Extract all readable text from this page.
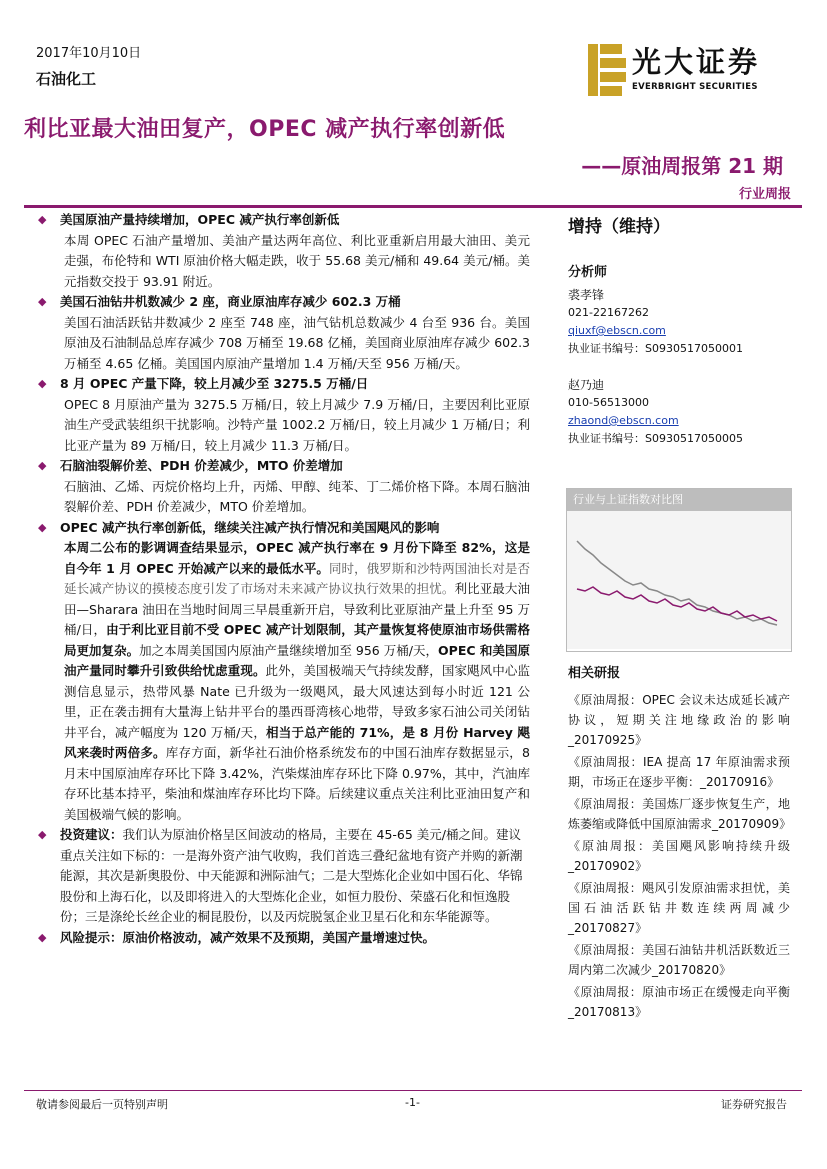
2017年10月10日
石油化工	光大证券
EVERBRIGHT SECURITIES
利比亚最大油田复产，OPEC 减产执行率创新低
——原油周报第 21 期
行业周报
◆ 美国原油产量持续增加，OPEC 减产执行率创新低
本周 OPEC 石油产量增加、美油产量达两年高位、利比亚重新启用最大油田、美元走强，布伦特和 WTI 原油价格大幅走跌，收于 55.68 美元/桶和 49.64 美元/桶。美元指数交投于 93.91 附近。
◆ 美国石油钻井机数减少 2 座，商业原油库存减少 602.3 万桶
美国石油活跃钻井数减少 2 座至 748 座，油气钻机总数减少 4 台至 936 台。美国原油及石油制品总库存减少 708 万桶至 19.68 亿桶，美国商业原油库存减少 602.3 万桶至 4.65 亿桶。美国国内原油产量增加 1.4 万桶/天至 956 万桶/天。
◆ 8 月 OPEC 产量下降，较上月减少至 3275.5 万桶/日
OPEC 8 月原油产量为 3275.5 万桶/日，较上月减少 7.9 万桶/日，主要因利比亚原油生产受武装组织干扰影响。沙特产量 1002.2 万桶/日，较上月减少 1 万桶/日；利比亚产量为 89 万桶/日，较上月减少 11.3 万桶/日。
◆ 石脑油裂解价差、PDH 价差减少，MTO 价差增加
石脑油、乙烯、丙烷价格均上升，丙烯、甲醇、纯苯、丁二烯价格下降。本周石脑油裂解价差、PDH 价差减少，MTO 价差增加。
◆ OPEC 减产执行率创新低，继续关注减产执行情况和美国飓风的影响
本周二公布的影调调查结果显示，OPEC 减产执行率在 9 月份下降至 82%，这是自今年 1 月 OPEC 开始减产以来的最低水平。同时，俄罗斯和沙特两国油长对是否延长减产协议的摸棱态度引发了市场对未来减产协议执行效果的担忧。利比亚最大油田—Sharara 油田在当地时间周三早晨重新开启，导致利比亚原油产量上升至 95 万桶/日，由于利比亚目前不受 OPEC 减产计划限制，其产量恢复将使原油市场供需格局更加复杂。加之本周美国国内原油产量继续增加至 956 万桶/天，OPEC 和美国原油产量同时攀升引致供给忧虑重现。此外，美国极端天气持续发酵，国家飓风中心监测信息显示，热带风暴 Nate 已升级为一级飓风，最大风速达到每小时近 121 公里，正在袭击拥有大量海上钻井平台的墨西哥湾核心地带，导致多家石油公司关闭钻井平台，减产幅度为 120 万桶/天，相当于总产能的 71%，是 8 月份 Harvey 飓风来袭时两倍多。库存方面，新华社石油价格系统发布的中国石油库存数据显示，8 月末中国原油库存环比下降 3.42%，汽柴煤油库存环比下降 0.97%，其中，汽油库存环比基本持平，柴油和煤油库存环比均下降。后续建议重点关注利比亚油田复产和美国极端气候的影响。
◆ 投资建议：我们认为原油价格呈区间波动的格局，主要在 45-65 美元/桶之间。建议重点关注如下标的：一是海外资产油气收购，我们首选三叠纪盆地有资产并购的新潮能源，其次是新奥股份、中天能源和洲际油气；二是大型炼化企业如中国石化、华锦股份和上海石化，以及即将进入的大型炼化企业，如恒力股份、荣盛石化和恒逸股份；三是涤纶长丝企业的桐昆股份，以及丙烷脱氢企业卫星石化和东华能源等。
◆ 风险提示：原油价格波动，减产效果不及预期，美国产量增速过快。
增持（维持）
分析师
裘孝锋
021-22167262
qiuxf@ebscn.com
执业证书编号：S0930517050001
赵乃迪
010-56513000
zhaond@ebscn.com
执业证书编号：S0930517050005
行业与上证指数对比图
相关研报
《原油周报：OPEC 会议未达成延长减产协议，短期关注地缘政治的影响_20170925》
《原油周报：IEA 提高 17 年原油需求预期，市场正在逐步平衡：_20170916》
《原油周报：美国炼厂逐步恢复生产，地炼萎缩或降低中国原油需求_20170909》
《原油周报：美国飓风影响持续升级_20170902》
《原油周报：飓风引发原油需求担忧，美国石油活跃钻井数连续两周减少_20170827》
《原油周报：美国石油钻井机活跃数近三周内第二次减少_20170820》
《原油周报：原油市场正在缓慢走向平衡_20170813》
敬请参阅最后一页特别声明	-1-	证券研究报告
